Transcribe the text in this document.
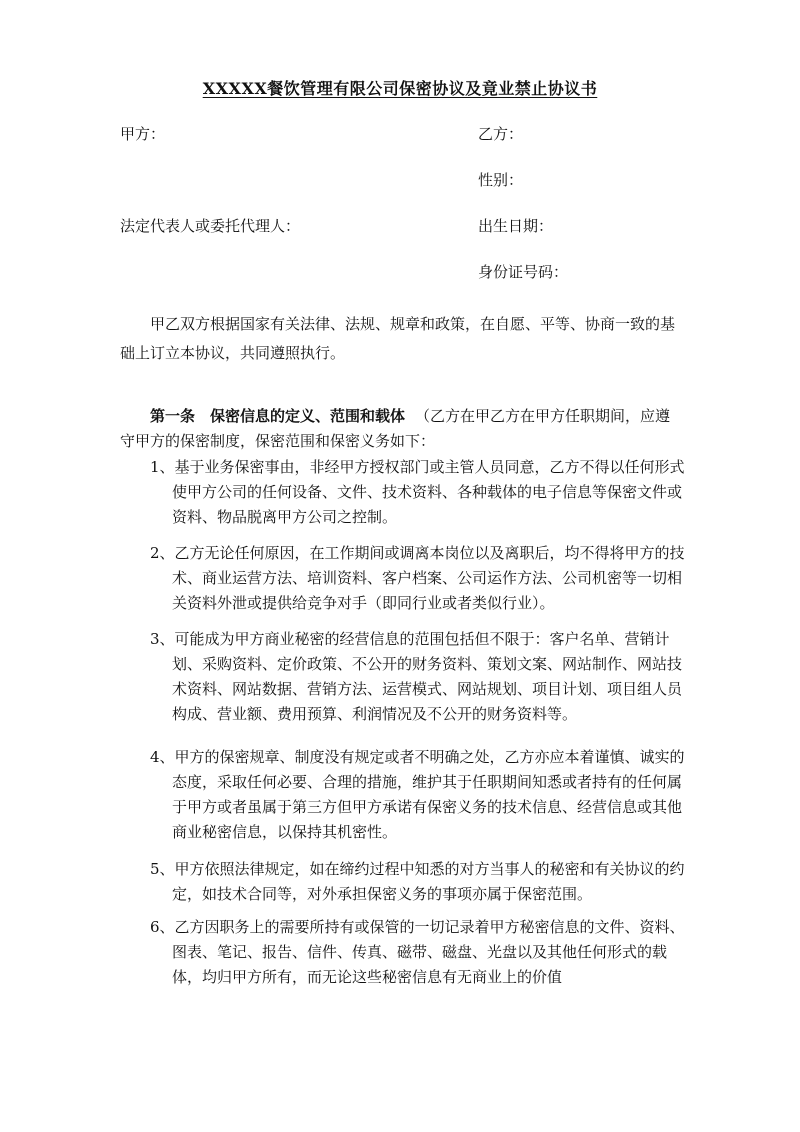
XXXXX餐饮管理有限公司保密协议及竟业禁止协议书
甲方：	乙方：
性别：
法定代表人或委托代理人：	出生日期：
身份证号码：
甲乙双方根据国家有关法律、法规、规章和政策，在自愿、平等、协商一致的基础上订立本协议，共同遵照执行。
第一条　保密信息的定义、范围和载体 （乙方在甲乙方在甲方任职期间，应遵守甲方的保密制度，保密范围和保密义务如下：
1、基于业务保密事由，非经甲方授权部门或主管人员同意，乙方不得以任何形式使甲方公司的任何设备、文件、技术资料、各种载体的电子信息等保密文件或资料、物品脱离甲方公司之控制。
2、乙方无论任何原因，在工作期间或调离本岗位以及离职后，均不得将甲方的技术、商业运营方法、培训资料、客户档案、公司运作方法、公司机密等一切相关资料外泄或提供给竞争对手（即同行业或者类似行业）。
3、可能成为甲方商业秘密的经营信息的范围包括但不限于：客户名单、营销计划、采购资料、定价政策、不公开的财务资料、策划文案、网站制作、网站技术资料、网站数据、营销方法、运营模式、网站规划、项目计划、项目组人员构成、营业额、费用预算、利润情况及不公开的财务资料等。
4、甲方的保密规章、制度没有规定或者不明确之处，乙方亦应本着谨慎、诚实的态度，采取任何必要、合理的措施，维护其于任职期间知悉或者持有的任何属于甲方或者虽属于第三方但甲方承诺有保密义务的技术信息、经营信息或其他商业秘密信息，以保持其机密性。
5、甲方依照法律规定，如在缔约过程中知悉的对方当事人的秘密和有关协议的约定，如技术合同等，对外承担保密义务的事项亦属于保密范围。
6、乙方因职务上的需要所持有或保管的一切记录着甲方秘密信息的文件、资料、图表、笔记、报告、信件、传真、磁带、磁盘、光盘以及其他任何形式的载体，均归甲方所有，而无论这些秘密信息有无商业上的价值
